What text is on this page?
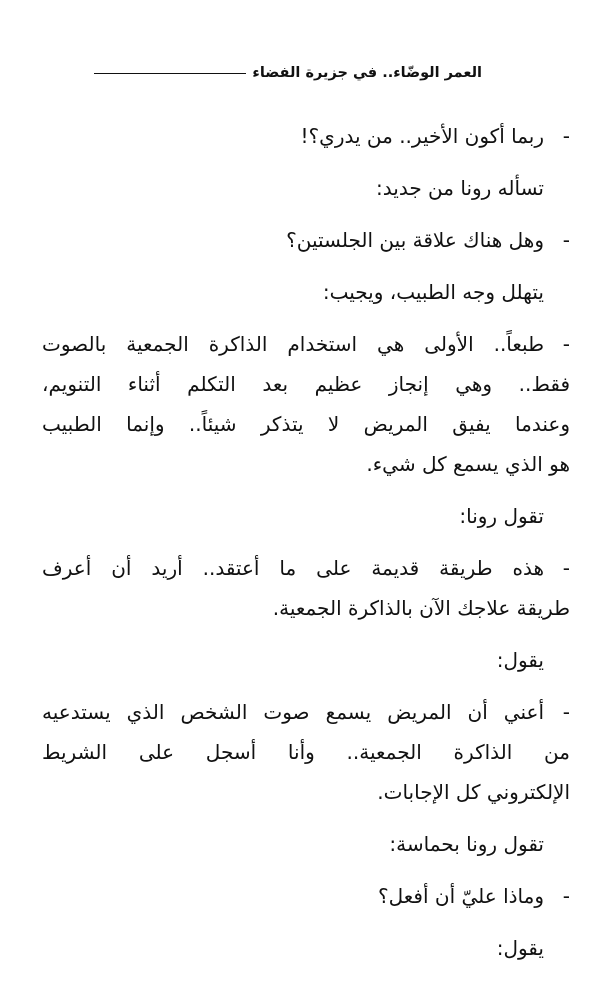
العمر الوضّاء.. في جزيرة الفضاء
-ربما أكون الأخير.. من يدري؟!
تسأله رونا من جديد:
-وهل هناك علاقة بين الجلستين؟
يتهلل وجه الطبيب، ويجيب:
-
طبعاً.. الأولى هي استخدام الذاكرة الجمعية بالصوت
فقط.. وهي إنجاز عظيم بعد التكلم أثناء التنويم،
وعندما يفيق المريض لا يتذكر شيئاً.. وإنما الطبيب
هو الذي يسمع كل شيء.
تقول رونا:
-
هذه طريقة قديمة على ما أعتقد.. أريد أن أعرف
طريقة علاجك الآن بالذاكرة الجمعية.
يقول:
-
أعني أن المريض يسمع صوت الشخص الذي يستدعيه
من الذاكرة الجمعية.. وأنا أسجل على الشريط
الإلكتروني كل الإجابات.
تقول رونا بحماسة:
-وماذا عليّ أن أفعل؟
يقول:
